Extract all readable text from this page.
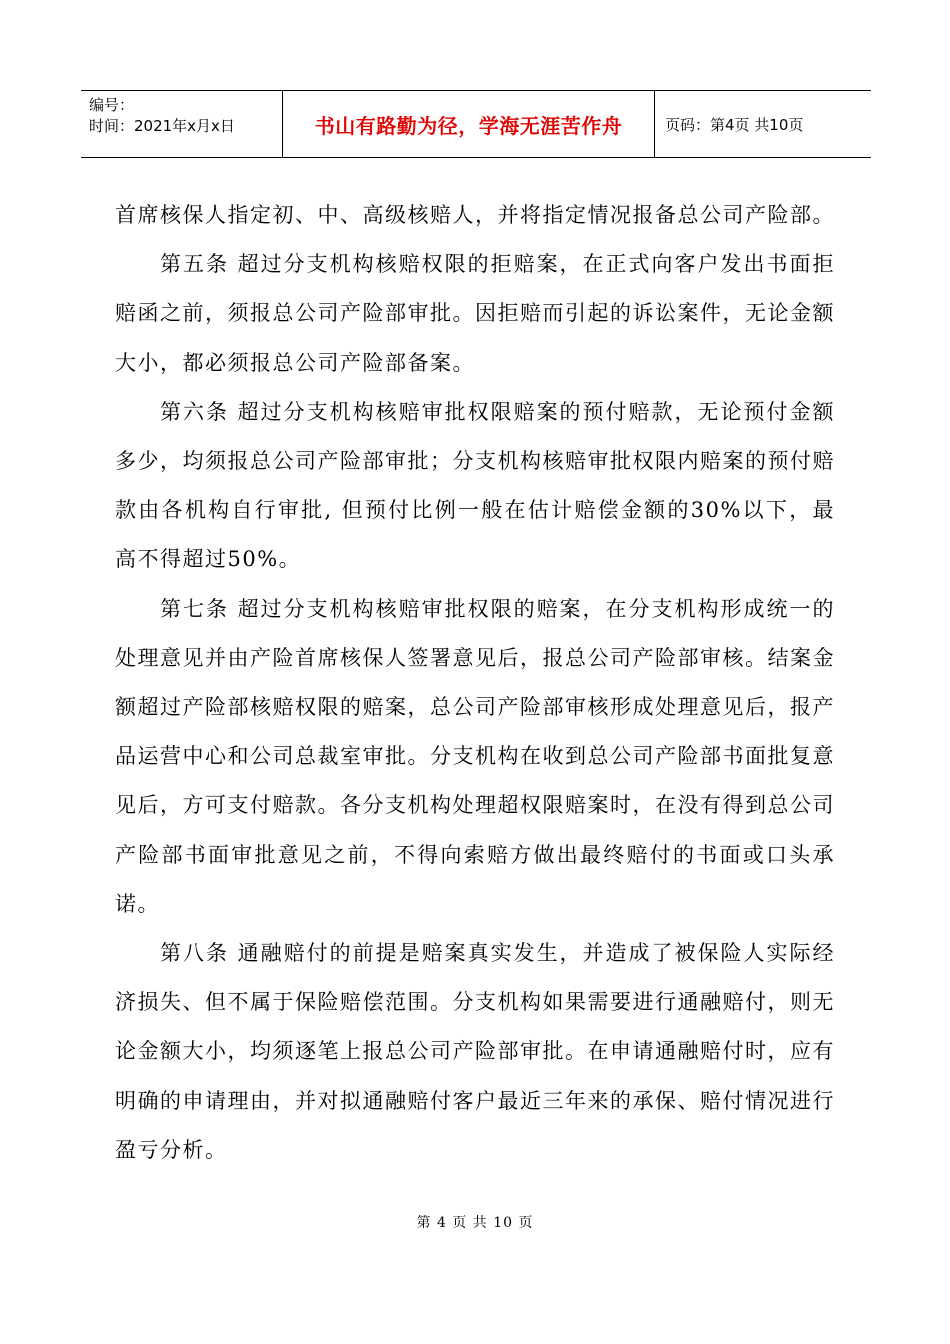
编号：
时间：2021年x月x日	书山有路勤为径，学海无涯苦作舟	页码：第4页 共10页

首席核保人指定初、中、高级核赔人，并将指定情况报备总公司产险部。

第五条 超过分支机构核赔权限的拒赔案，在正式向客户发出书面拒赔函之前，须报总公司产险部审批。因拒赔而引起的诉讼案件，无论金额大小，都必须报总公司产险部备案。

第六条 超过分支机构核赔审批权限赔案的预付赔款，无论预付金额多少，均须报总公司产险部审批；分支机构核赔审批权限内赔案的预付赔款由各机构自行审批, 但预付比例一般在估计赔偿金额的30%以下，最高不得超过50%。

第七条 超过分支机构核赔审批权限的赔案，在分支机构形成统一的处理意见并由产险首席核保人签署意见后，报总公司产险部审核。结案金额超过产险部核赔权限的赔案，总公司产险部审核形成处理意见后，报产品运营中心和公司总裁室审批。分支机构在收到总公司产险部书面批复意见后，方可支付赔款。各分支机构处理超权限赔案时，在没有得到总公司产险部书面审批意见之前，不得向索赔方做出最终赔付的书面或口头承诺。

第八条 通融赔付的前提是赔案真实发生，并造成了被保险人实际经济损失、但不属于保险赔偿范围。分支机构如果需要进行通融赔付，则无论金额大小，均须逐笔上报总公司产险部审批。在申请通融赔付时，应有明确的申请理由，并对拟通融赔付客户最近三年来的承保、赔付情况进行盈亏分析。

第 4 页 共 10 页
